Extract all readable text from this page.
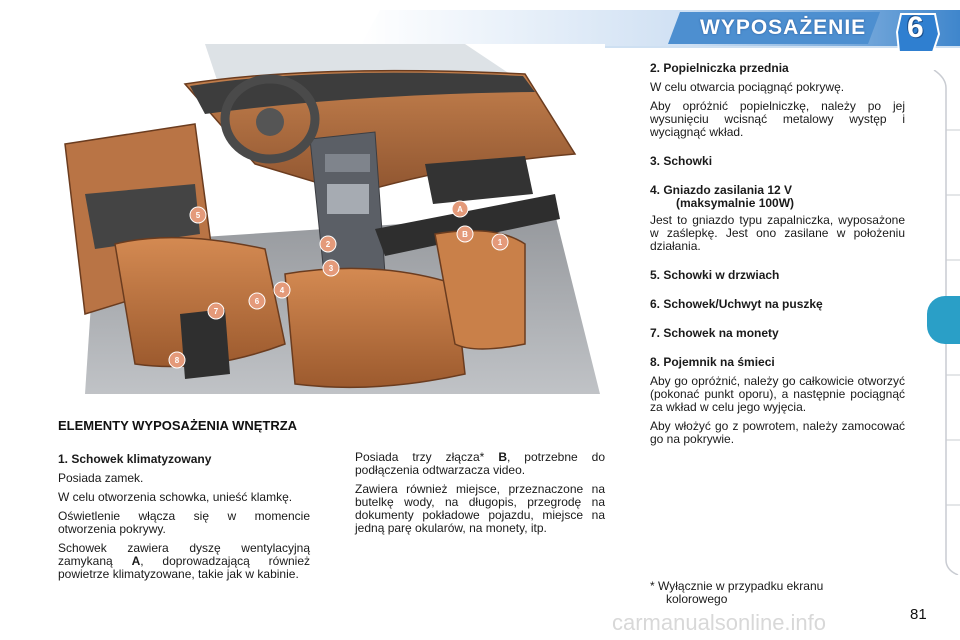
WYPOSAŻENIE 6
A
B
1
2
3
4
5
6
7
8
ELEMENTY WYPOSAŻENIA WNĘTRZA

1. Schowek klimatyzowany

Posiada zamek.

W celu otworzenia schowka, unieść klamkę.

Oświetlenie włącza się w momencie otworzenia pokrywy.

Schowek zawiera dyszę wentylacyjną zamykaną A, doprowadzającą również powietrze klimatyzowane, takie jak w kabinie.

Posiada trzy złącza* B, potrzebne do podłączenia odtwarzacza video.

Zawiera również miejsce, przeznaczone na butelkę wody, na długopis, przegrodę na dokumenty pokładowe pojazdu, miejsce na jedną parę okularów, na monety, itp.

2. Popielniczka przednia

W celu otwarcia pociągnąć pokrywę.

Aby opróżnić popielniczkę, należy po jej wysunięciu wcisnąć metalowy występ i wyciągnąć wkład.

3. Schowki

4. Gniazdo zasilania 12 V
(maksymalnie 100W)

Jest to gniazdo typu zapalniczka, wyposażone w zaślepkę. Jest ono zasilane w położeniu działania.

5. Schowki w drzwiach

6. Schowek/Uchwyt na puszkę

7. Schowek na monety

8. Pojemnik na śmieci

Aby go opróżnić, należy go całkowicie otworzyć (pokonać punkt oporu), a następnie pociągnąć za wkład w celu jego wyjęcia.

Aby włożyć go z powrotem, należy zamocować go na pokrywie.

* Wyłącznie w przypadku ekranu
kolorowego
carmanualsonline.info	81
